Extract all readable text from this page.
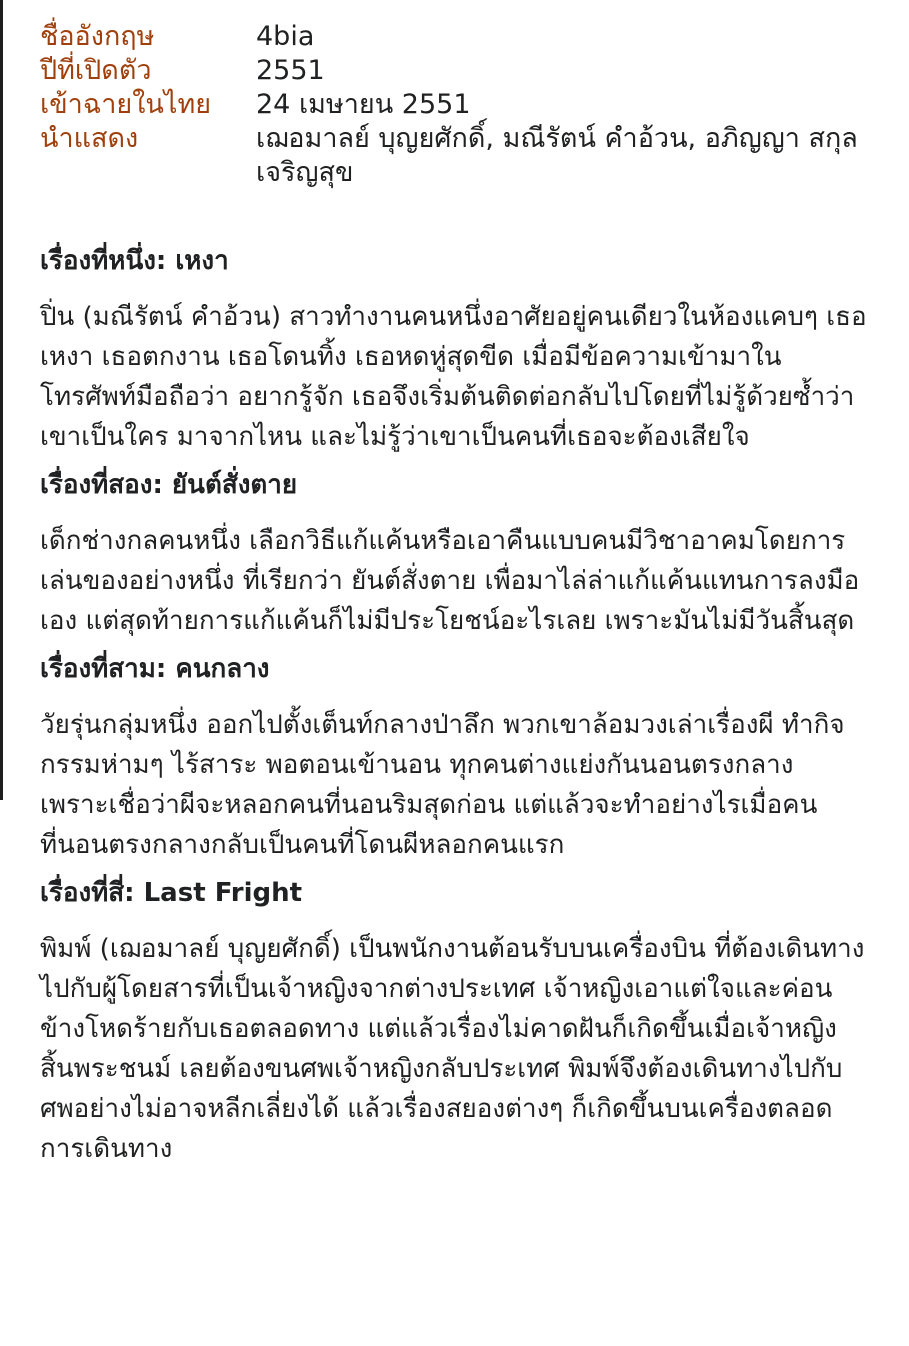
ชื่ออังกฤษ	4bia
ปีที่เปิดตัว	2551
เข้าฉายในไทย	24 เมษายน 2551
นำแสดง	เฌอมาลย์ บุญยศักดิ์, มณีรัตน์ คำอ้วน, อภิญญา สกุลเจริญสุข
เรื่องที่หนึ่ง: เหงา

ปิ่น (มณีรัตน์ คำอ้วน) สาวทำงานคนหนึ่งอาศัยอยู่คนเดียวในห้องแคบๆ เธอเหงา เธอตกงาน เธอโดนทิ้ง เธอหดหู่สุดขีด เมื่อมีข้อความเข้ามาในโทรศัพท์มือถือว่า อยากรู้จัก เธอจึงเริ่มต้นติดต่อกลับไปโดยที่ไม่รู้ด้วยซ้ำว่าเขาเป็นใคร มาจากไหน และไม่รู้ว่าเขาเป็นคนที่เธอจะต้องเสียใจ

เรื่องที่สอง: ยันต์สั่งตาย

เด็กช่างกลคนหนึ่ง เลือกวิธีแก้แค้นหรือเอาคืนแบบคนมีวิชาอาคมโดยการเล่นของอย่างหนึ่ง ที่เรียกว่า ยันต์สั่งตาย เพื่อมาไล่ล่าแก้แค้นแทนการลงมือเอง แต่สุดท้ายการแก้แค้นก็ไม่มีประโยชน์อะไรเลย เพราะมันไม่มีวันสิ้นสุด

เรื่องที่สาม: คนกลาง

วัยรุ่นกลุ่มหนึ่ง ออกไปตั้งเต็นท์กลางป่าลึก พวกเขาล้อมวงเล่าเรื่องผี ทำกิจกรรมห่ามๆ ไร้สาระ พอตอนเข้านอน ทุกคนต่างแย่งกันนอนตรงกลาง เพราะเชื่อว่าผีจะหลอกคนที่นอนริมสุดก่อน แต่แล้วจะทำอย่างไรเมื่อคนที่นอนตรงกลางกลับเป็นคนที่โดนผีหลอกคนแรก

เรื่องที่สี่: Last Fright

พิมพ์ (เฌอมาลย์ บุญยศักดิ์) เป็นพนักงานต้อนรับบนเครื่องบิน ที่ต้องเดินทางไปกับผู้โดยสารที่เป็นเจ้าหญิงจากต่างประเทศ เจ้าหญิงเอาแต่ใจและค่อนข้างโหดร้ายกับเธอตลอดทาง แต่แล้วเรื่องไม่คาดฝันก็เกิดขึ้นเมื่อเจ้าหญิงสิ้นพระชนม์ เลยต้องขนศพเจ้าหญิงกลับประเทศ พิมพ์จึงต้องเดินทางไปกับศพอย่างไม่อาจหลีกเลี่ยงได้ แล้วเรื่องสยองต่างๆ ก็เกิดขึ้นบนเครื่องตลอดการเดินทาง
